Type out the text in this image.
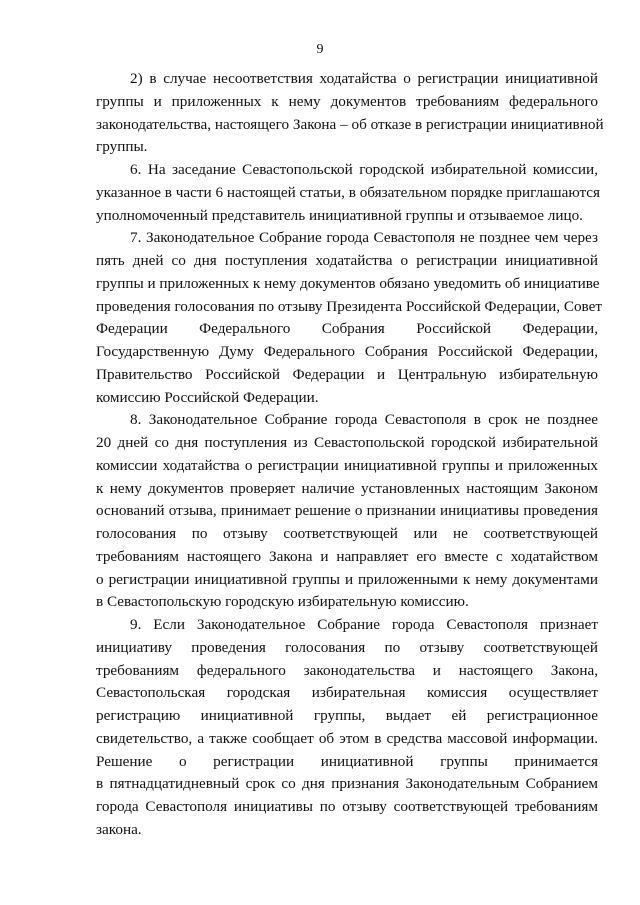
9
2) в случае несоответствия ходатайства о регистрации инициативной
группы и приложенных к нему документов требованиям федерального
законодательства, настоящего Закона – об отказе в регистрации инициативной
группы.
6. На заседание Севастопольской городской избирательной комиссии,
указанное в части 6 настоящей статьи, в обязательном порядке приглашаются
уполномоченный представитель инициативной группы и отзываемое лицо.
7. Законодательное Собрание города Севастополя не позднее чем через
пять дней со дня поступления ходатайства о регистрации инициативной
группы и приложенных к нему документов обязано уведомить об инициативе
проведения голосования по отзыву Президента Российской Федерации, Совет
Федерации Федерального Собрания Российской Федерации,
Государственную Думу Федерального Собрания Российской Федерации,
Правительство Российской Федерации и Центральную избирательную
комиссию Российской Федерации.
8. Законодательное Собрание города Севастополя в срок не позднее
20 дней со дня поступления из Севастопольской городской избирательной
комиссии ходатайства о регистрации инициативной группы и приложенных
к нему документов проверяет наличие установленных настоящим Законом
оснований отзыва, принимает решение о признании инициативы проведения
голосования по отзыву соответствующей или не соответствующей
требованиям настоящего Закона и направляет его вместе с ходатайством
о регистрации инициативной группы и приложенными к нему документами
в Севастопольскую городскую избирательную комиссию.
9. Если Законодательное Собрание города Севастополя признает
инициативу проведения голосования по отзыву соответствующей
требованиям федерального законодательства и настоящего Закона,
Севастопольская городская избирательная комиссия осуществляет
регистрацию инициативной группы, выдает ей регистрационное
свидетельство, а также сообщает об этом в средства массовой информации.
Решение о регистрации инициативной группы принимается
в пятнадцатидневный срок со дня признания Законодательным Собранием
города Севастополя инициативы по отзыву соответствующей требованиям
закона.
